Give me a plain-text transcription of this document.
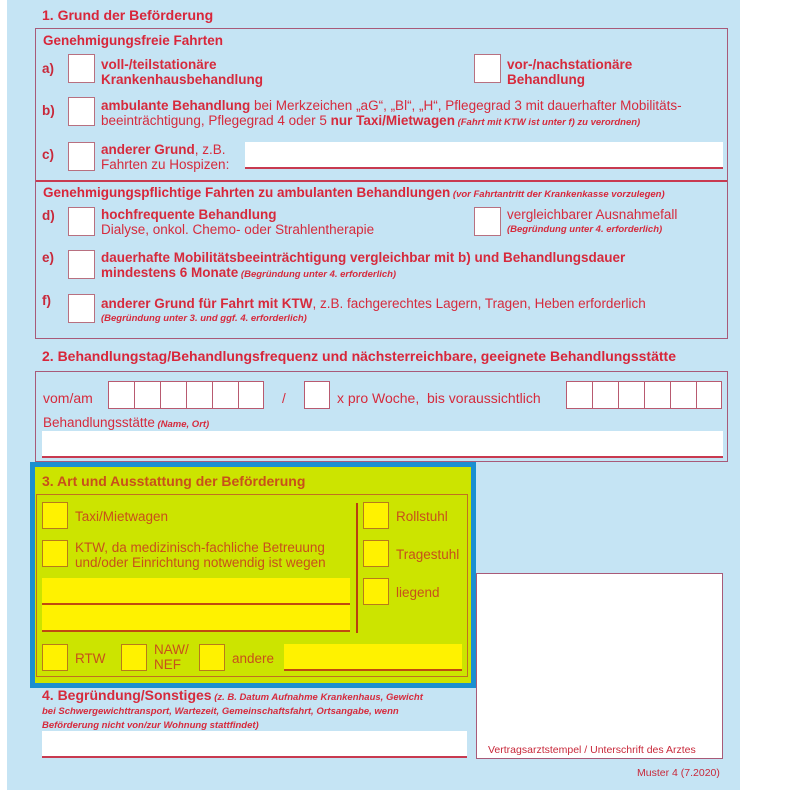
1. Grund der Beförderung
Genehmigungsfreie Fahrten
a)	voll-/teilstationäre
Krankenhausbehandlung
vor-/nachstationäre
Behandlung
b)	ambulante Behandlung bei Merkzeichen „aG“, „Bl“, „H“, Pflegegrad 3 mit dauerhafter Mobilitäts-
beeinträchtigung, Pflegegrad 4 oder 5 nur Taxi/Mietwagen (Fahrt mit KTW ist unter f) zu verordnen)
c)	anderer Grund, z.B.
Fahrten zu Hospizen:
Genehmigungspflichtige Fahrten zu ambulanten Behandlungen (vor Fahrtantritt der Krankenkasse vorzulegen)
d)	hochfrequente Behandlung
Dialyse, onkol. Chemo- oder Strahlentherapie
vergleichbarer Ausnahmefall
(Begründung unter 4. erforderlich)
e)	dauerhafte Mobilitätsbeeinträchtigung vergleichbar mit b) und Behandlungsdauer
mindestens 6 Monate (Begründung unter 4. erforderlich)
f)	anderer Grund für Fahrt mit KTW, z.B. fachgerechtes Lagern, Tragen, Heben erforderlich
(Begründung unter 3. und ggf. 4. erforderlich)
2. Behandlungstag/Behandlungsfrequenz und nächsterreichbare, geeignete Behandlungsstätte
vom/am	/	x pro Woche,  bis voraussichtlich
Behandlungsstätte (Name, Ort)
3. Art und Ausstattung der Beförderung
Taxi/Mietwagen
KTW, da medizinisch-fachliche Betreuung
und/oder Einrichtung notwendig ist wegen
Rollstuhl
Tragestuhl
liegend
RTW
NAW/
NEF	andere
4. Begründung/Sonstiges (z. B. Datum Aufnahme Krankenhaus, Gewicht
bei Schwergewichttransport, Wartezeit, Gemeinschaftsfahrt, Ortsangabe, wenn
Beförderung nicht von/zur Wohnung stattfindet)
Vertragsarztstempel / Unterschrift des Arztes
Muster 4 (7.2020)
